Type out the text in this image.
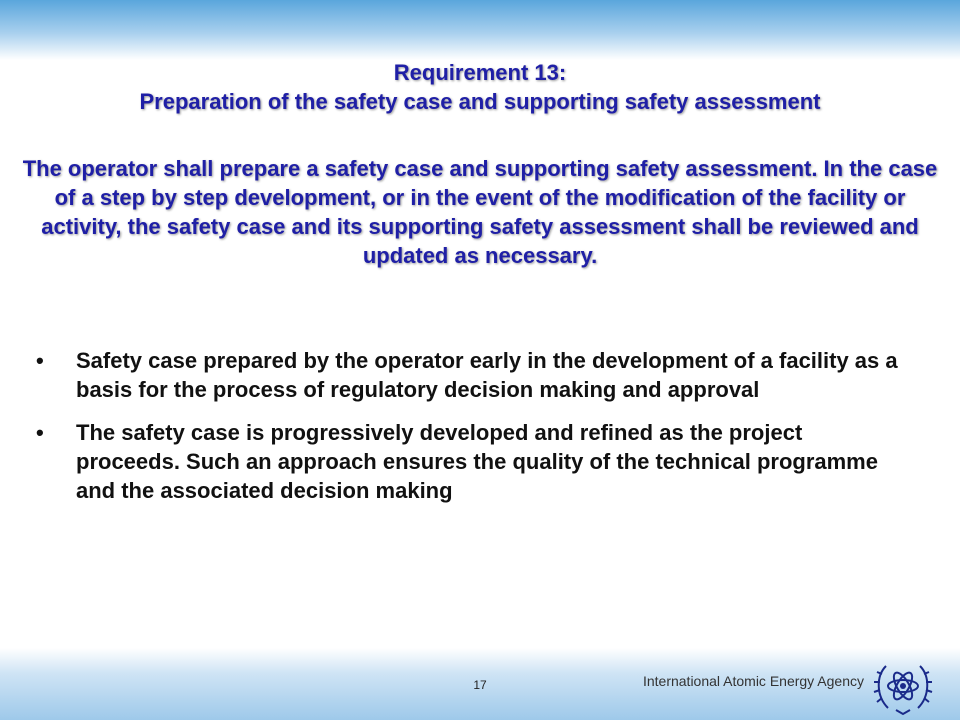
Requirement 13:
Preparation of the safety case and supporting safety assessment
The operator shall prepare a safety case and supporting safety assessment. In the case of a step by step development, or in the event of the modification of the facility or activity, the safety case and its supporting safety assessment shall be reviewed and updated as necessary.
• Safety case prepared by the operator early in the development of a facility as a basis for the process of regulatory decision making and approval
• The safety case is progressively developed and refined as the project proceeds. Such an approach ensures the quality of the technical programme and the associated decision making
17	International Atomic Energy Agency
